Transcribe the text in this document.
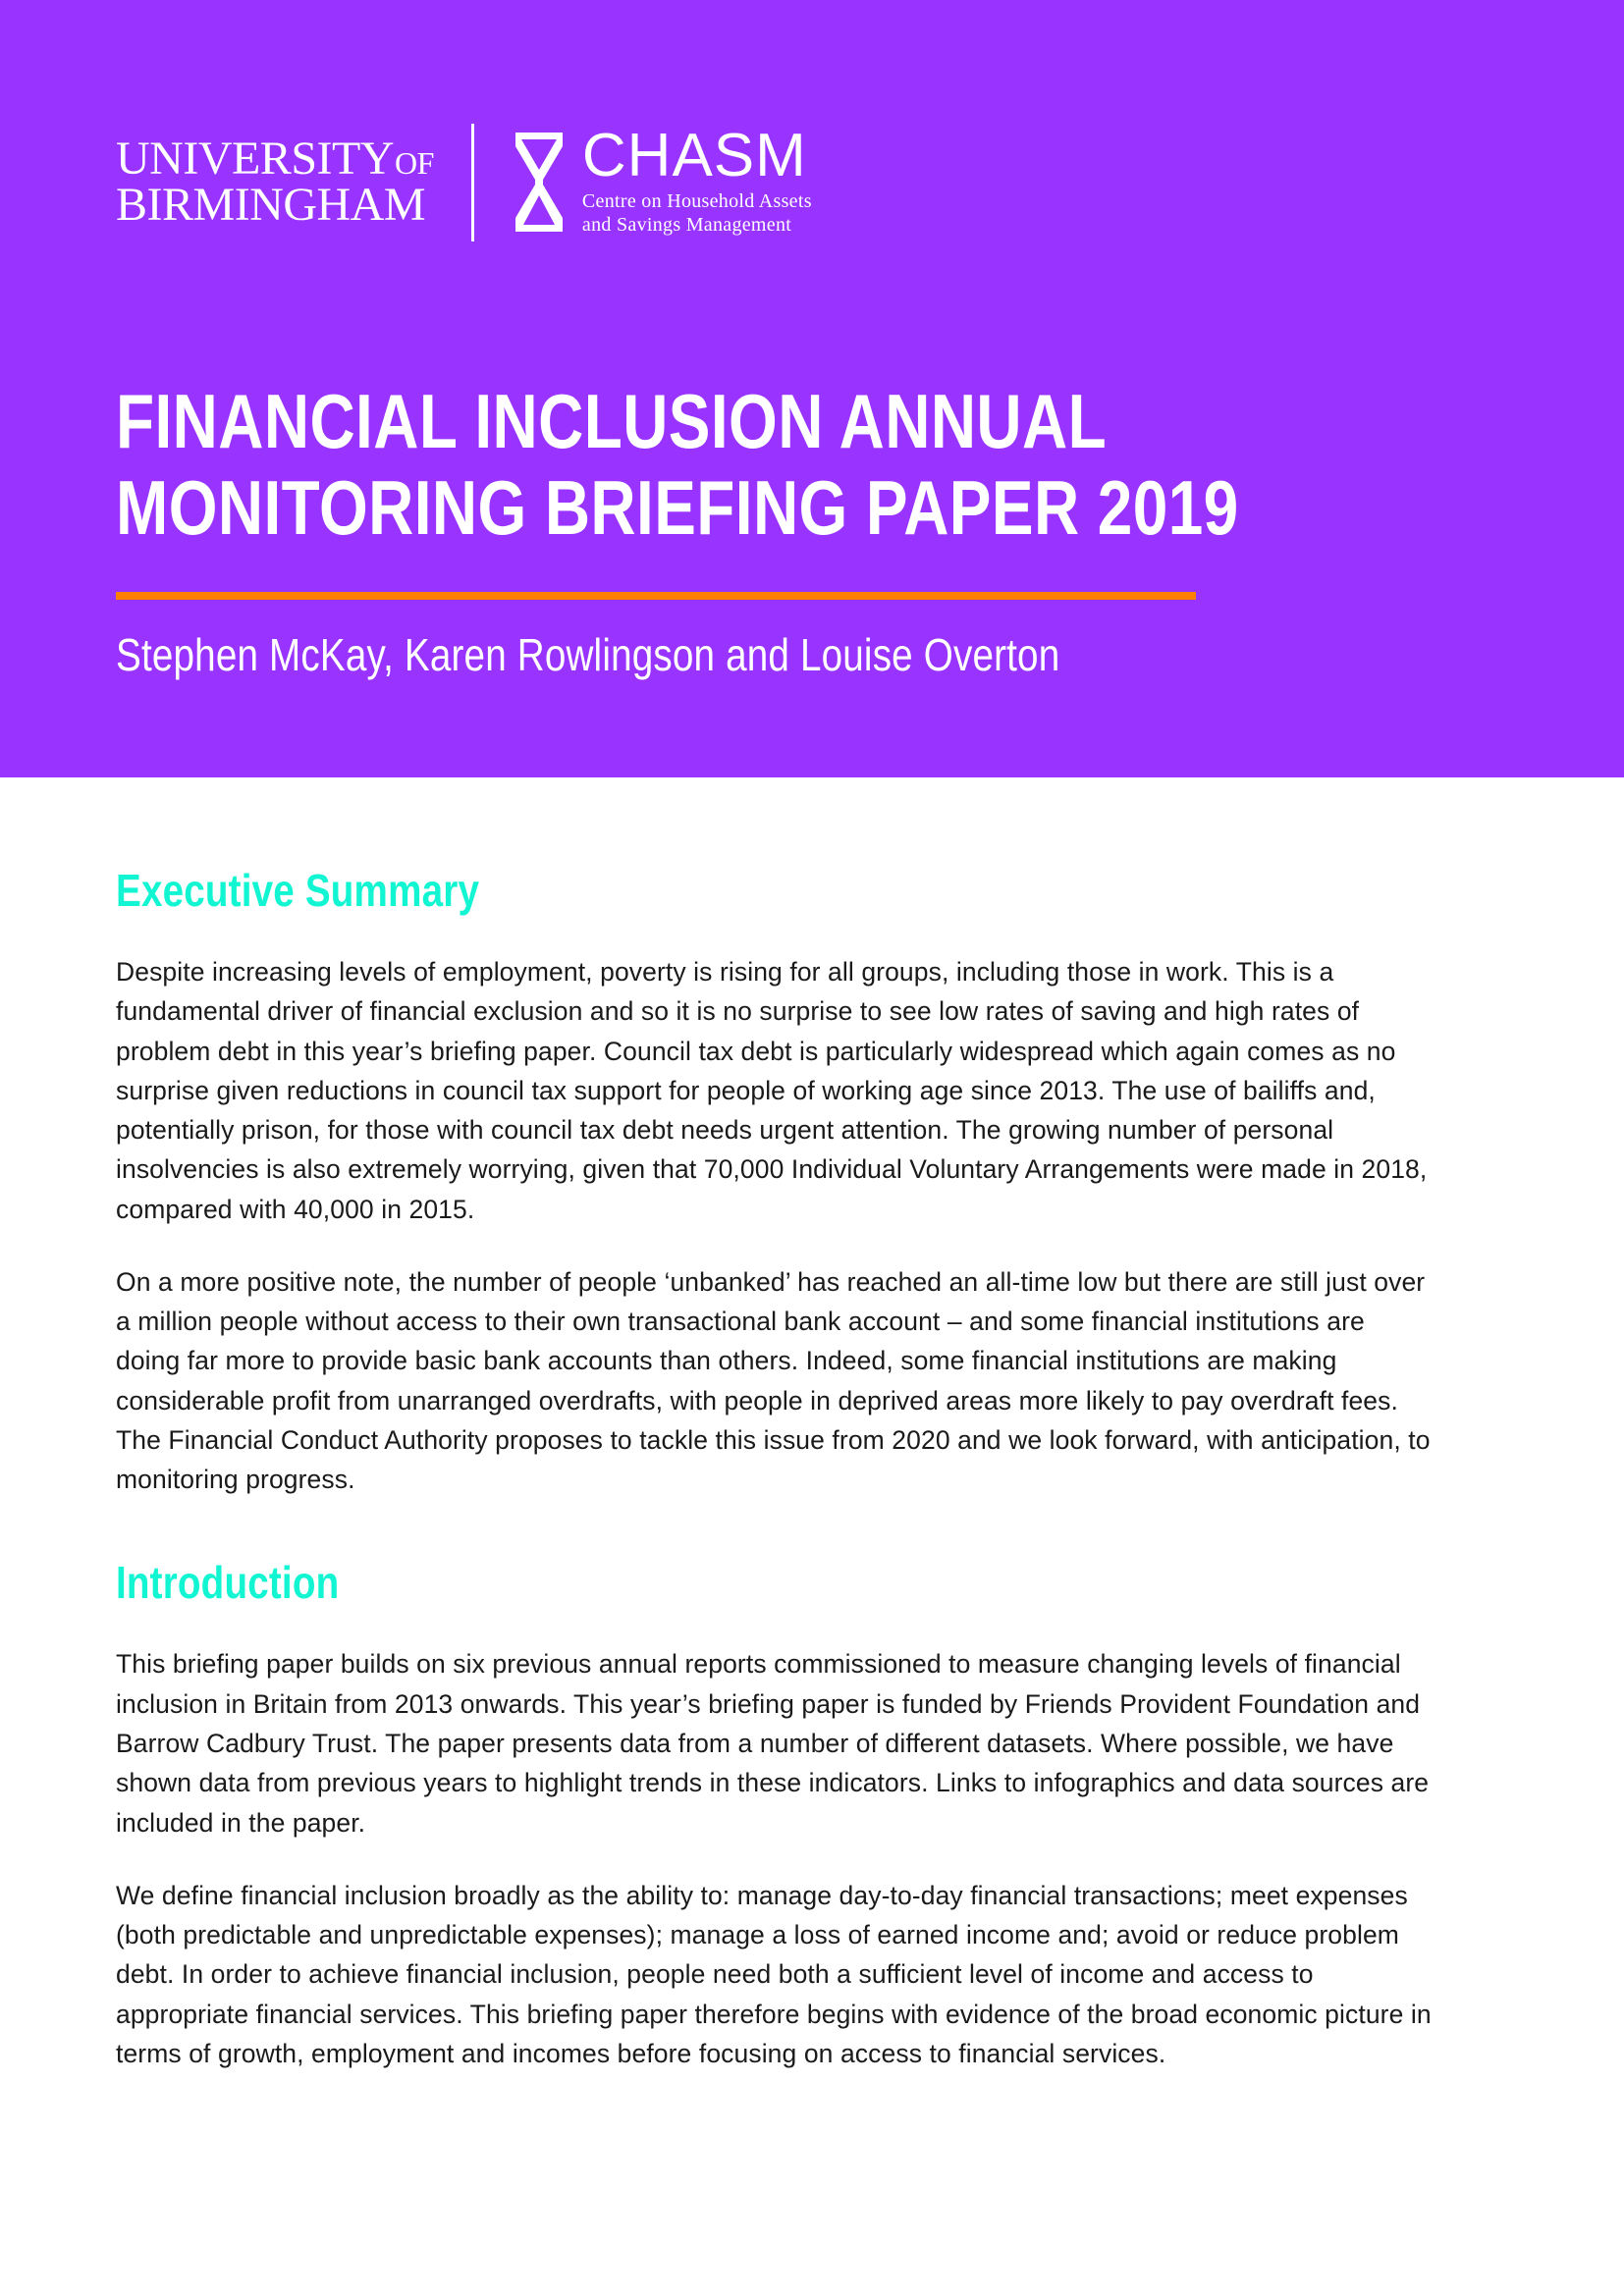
UNIVERSITY OF
BIRMINGHAM
CHASM
Centre on Household Assets
and Savings Management
FINANCIAL INCLUSION ANNUAL
MONITORING BRIEFING PAPER 2019
Stephen McKay, Karen Rowlingson and Louise Overton
Executive Summary

Despite increasing levels of employment, poverty is rising for all groups, including those in work. This is a fundamental driver of financial exclusion and so it is no surprise to see low rates of saving and high rates of problem debt in this year’s briefing paper. Council tax debt is particularly widespread which again comes as no surprise given reductions in council tax support for people of working age since 2013. The use of bailiffs and, potentially prison, for those with council tax debt needs urgent attention. The growing number of personal insolvencies is also extremely worrying, given that 70,000 Individual Voluntary Arrangements were made in 2018, compared with 40,000 in 2015.

On a more positive note, the number of people ‘unbanked’ has reached an all-time low but there are still just over a million people without access to their own transactional bank account – and some financial institutions are doing far more to provide basic bank accounts than others. Indeed, some financial institutions are making considerable profit from unarranged overdrafts, with people in deprived areas more likely to pay overdraft fees. The Financial Conduct Authority proposes to tackle this issue from 2020 and we look forward, with anticipation, to monitoring progress.

Introduction

This briefing paper builds on six previous annual reports commissioned to measure changing levels of financial inclusion in Britain from 2013 onwards. This year’s briefing paper is funded by Friends Provident Foundation and Barrow Cadbury Trust. The paper presents data from a number of different datasets. Where possible, we have shown data from previous years to highlight trends in these indicators. Links to infographics and data sources are included in the paper.

We define financial inclusion broadly as the ability to: manage day-to-day financial transactions; meet expenses (both predictable and unpredictable expenses); manage a loss of earned income and; avoid or reduce problem debt. In order to achieve financial inclusion, people need both a sufficient level of income and access to appropriate financial services. This briefing paper therefore begins with evidence of the broad economic picture in terms of growth, employment and incomes before focusing on access to financial services.
